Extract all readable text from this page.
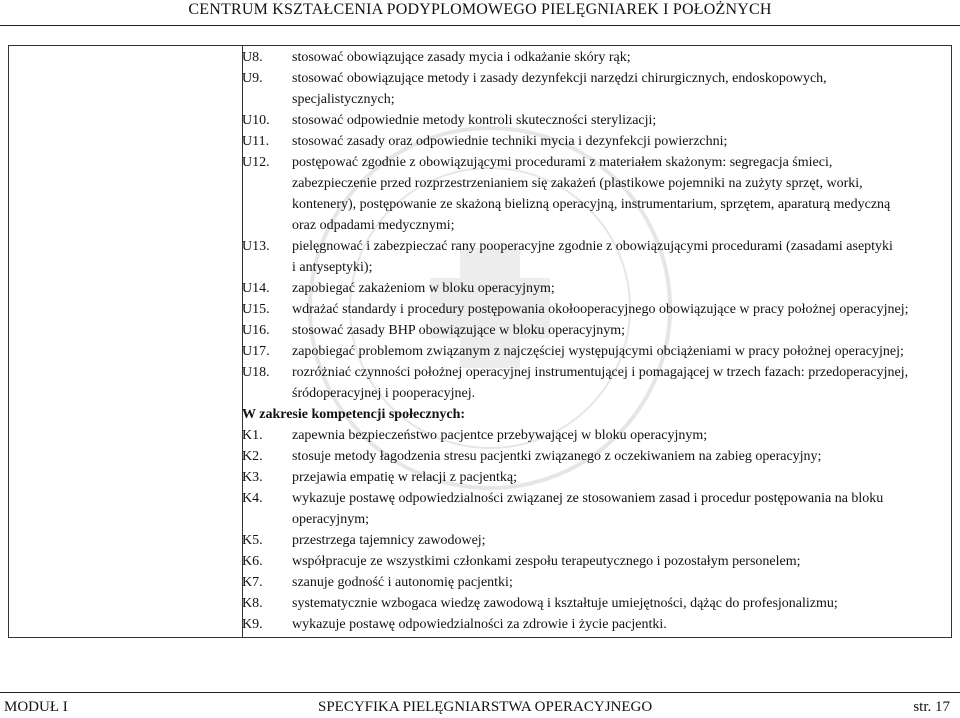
CENTRUM KSZTAŁCENIA PODYPLOMOWEGO PIELĘGNIAREK I POŁOŻNYCH
U8.	stosować obowiązujące zasady mycia i odkażanie skóry rąk;
U9.	stosować obowiązujące metody i zasady dezynfekcji narzędzi chirurgicznych, endoskopowych,
specjalistycznych;
U10.	stosować odpowiednie metody kontroli skuteczności sterylizacji;
U11.	stosować zasady oraz odpowiednie techniki mycia i dezynfekcji powierzchni;
U12.	postępować zgodnie z obowiązującymi procedurami z materiałem skażonym: segregacja śmieci,
zabezpieczenie przed rozprzestrzenianiem się zakażeń (plastikowe pojemniki na zużyty sprzęt, worki,
kontenery), postępowanie ze skażoną bielizną operacyjną, instrumentarium, sprzętem, aparaturą medyczną
oraz odpadami medycznymi;
U13.	pielęgnować i zabezpieczać rany pooperacyjne zgodnie z obowiązującymi procedurami (zasadami aseptyki
i antyseptyki);
U14.	zapobiegać zakażeniom w bloku operacyjnym;
U15.	wdrażać standardy i procedury postępowania okołooperacyjnego obowiązujące w pracy położnej operacyjnej;
U16.	stosować zasady BHP obowiązujące w bloku operacyjnym;
U17.	zapobiegać problemom związanym z najczęściej występującymi obciążeniami w pracy położnej operacyjnej;
U18.	rozróżniać czynności położnej operacyjnej instrumentującej i pomagającej w trzech fazach: przedoperacyjnej,
śródoperacyjnej i pooperacyjnej.
W zakresie kompetencji społecznych:
K1.	zapewnia bezpieczeństwo pacjentce przebywającej w bloku operacyjnym;
K2.	stosuje metody łagodzenia stresu pacjentki związanego z oczekiwaniem na zabieg operacyjny;
K3.	przejawia empatię w relacji z pacjentką;
K4.	wykazuje postawę odpowiedzialności związanej ze stosowaniem zasad i procedur postępowania na bloku
operacyjnym;
K5.	przestrzega tajemnicy zawodowej;
K6.	współpracuje ze wszystkimi członkami zespołu terapeutycznego i pozostałym personelem;
K7.	szanuje godność i autonomię pacjentki;
K8.	systematycznie wzbogaca wiedzę zawodową i kształtuje umiejętności, dążąc do profesjonalizmu;
K9.	wykazuje postawę odpowiedzialności za zdrowie i życie pacjentki.
MODUŁ I	SPECYFIKA PIELĘGNIARSTWA OPERACYJNEGO	str. 17
